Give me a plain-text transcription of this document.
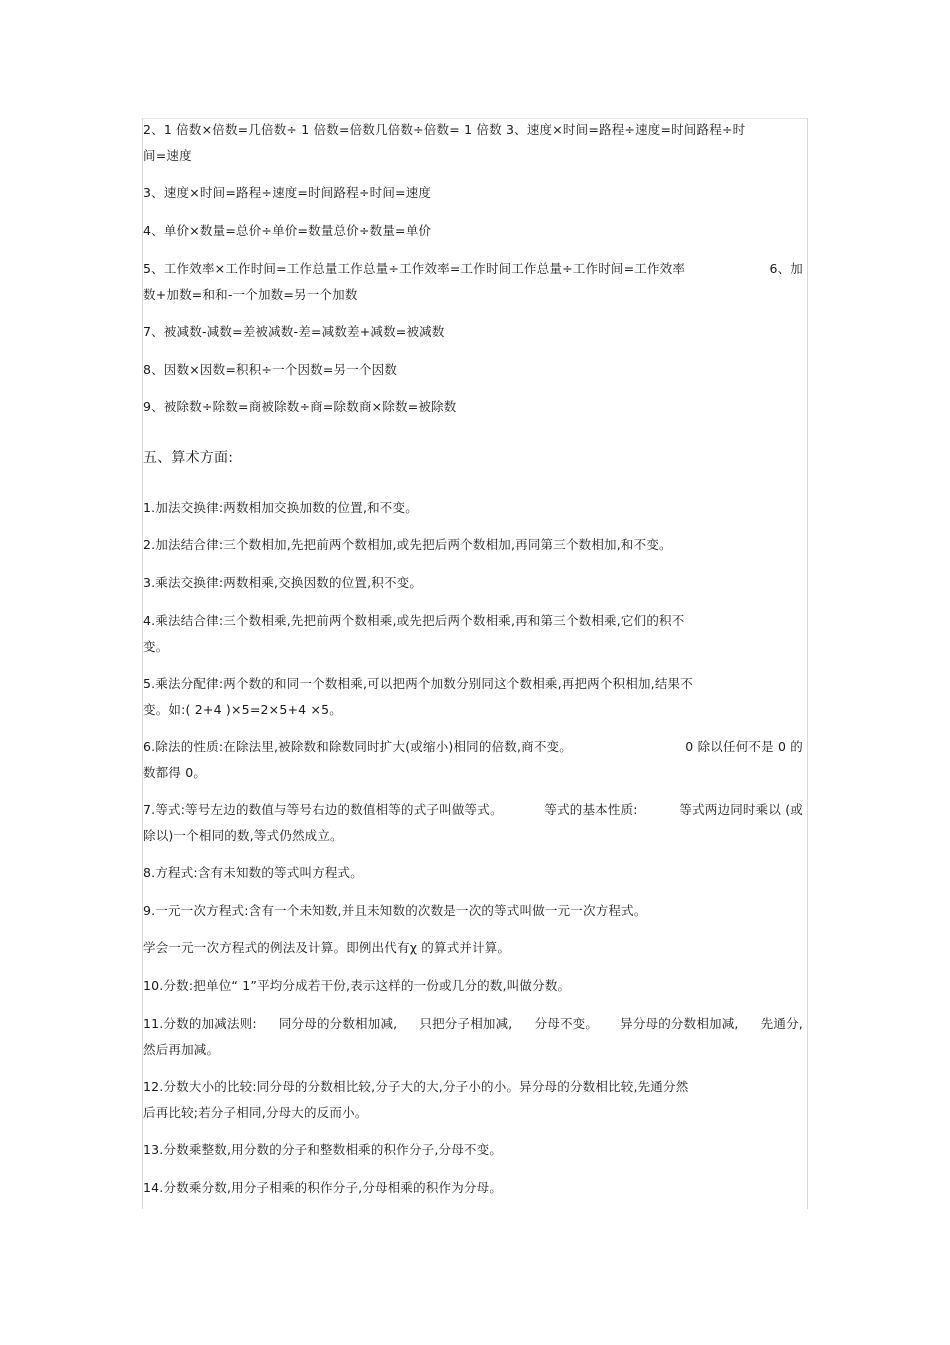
2、1 倍数×倍数=几倍数÷ 1 倍数=倍数几倍数÷倍数= 1 倍数 3、速度×时间=路程÷速度=时间路程÷时
间=速度
3、速度×时间=路程÷速度=时间路程÷时间=速度
4、单价×数量=总价÷单价=数量总价÷数量=单价
5、工作效率×工作时间=工作总量工作总量÷工作效率=工作时间工作总量÷工作时间=工作效率	6、加
数+加数=和和-一个加数=另一个加数
7、被减数-减数=差被减数-差=减数差+减数=被减数
8、因数×因数=积积÷一个因数=另一个因数
9、被除数÷除数=商被除数÷商=除数商×除数=被除数
五、算术方面:
1.加法交换律:两数相加交换加数的位置,和不变。
2.加法结合律:三个数相加,先把前两个数相加,或先把后两个数相加,再同第三个数相加,和不变。
3.乘法交换律:两数相乘,交换因数的位置,积不变。
4.乘法结合律:三个数相乘,先把前两个数相乘,或先把后两个数相乘,再和第三个数相乘,它们的积不
变。
5.乘法分配律:两个数的和同一个数相乘,可以把两个加数分别同这个数相乘,再把两个积相加,结果不
变。如:( 2+4 )×5=2×5+4 ×5。
6.除法的性质:在除法里,被除数和除数同时扩大(或缩小)相同的倍数,商不变。	0 除以任何不是 0 的
数都得 0。
7.等式:等号左边的数值与等号右边的数值相等的式子叫做等式。	等式的基本性质:	等式两边同时乘以 (或
除以)一个相同的数,等式仍然成立。
8.方程式:含有未知数的等式叫方程式。
9.一元一次方程式:含有一个未知数,并且未知数的次数是一次的等式叫做一元一次方程式。
学会一元一次方程式的例法及计算。即例出代有χ 的算式并计算。
10.分数:把单位“ 1”平均分成若干份,表示这样的一份或几分的数,叫做分数。
11.分数的加减法则: 同分母的分数相加减, 只把分子相加减, 分母不变。 异分母的分数相加减, 先通分,
然后再加减。
12.分数大小的比较:同分母的分数相比较,分子大的大,分子小的小。异分母的分数相比较,先通分然
后再比较;若分子相同,分母大的反而小。
13.分数乘整数,用分数的分子和整数相乘的积作分子,分母不变。
14.分数乘分数,用分子相乘的积作分子,分母相乘的积作为分母。
